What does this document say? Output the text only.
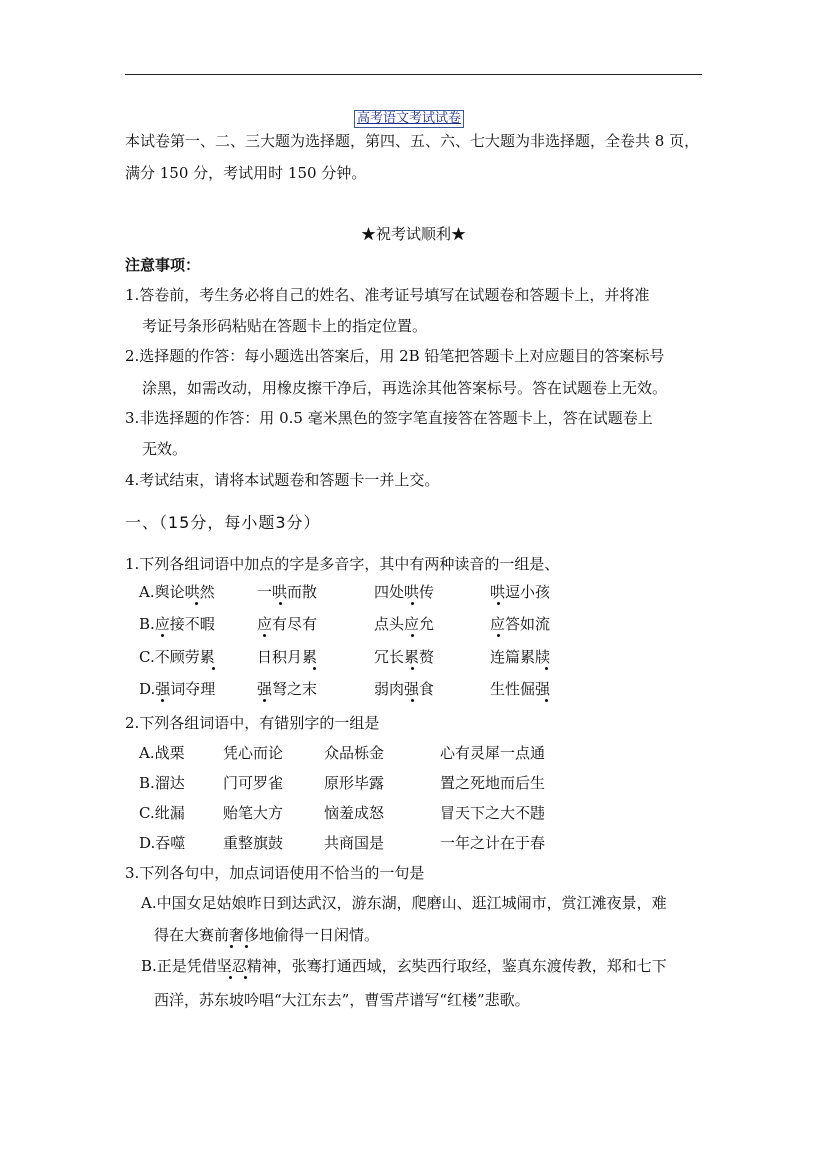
高考语文考试试卷
本试卷第一、二、三大题为选择题，第四、五、六、七大题为非选择题，全卷共 8 页，
满分 150 分，考试用时 150 分钟。
★祝考试顺利★
注意事项：
1.答卷前，考生务必将自己的姓名、准考证号填写在试题卷和答题卡上，并将准
考证号条形码粘贴在答题卡上的指定位置。
2.选择题的作答：每小题选出答案后，用 2B 铅笔把答题卡上对应题目的答案标号
涂黑，如需改动，用橡皮擦干净后，再选涂其他答案标号。答在试题卷上无效。
3.非选择题的作答：用 0.5 毫米黑色的签字笔直接答在答题卡上，答在试题卷上
无效。
4.考试结束，请将本试题卷和答题卡一并上交。
一、（15分，每小题3分）
1.下列各组词语中加点的字是多音字，其中有两种读音的一组是、
A.舆论哄然	一哄而散	四处哄传	哄逗小孩
B.应接不暇	应有尽有	点头应允	应答如流
C.不顾劳累	日积月累	冗长累赘	连篇累牍
D.强词夺理	强弩之末	弱肉强食	生性倔强
2.下列各组词语中，有错别字的一组是
A.战栗	凭心而论	众品栎金	心有灵犀一点通
B.溜达	门可罗雀	原形毕露	置之死地而后生
C.纰漏	贻笔大方	恼羞成怒	冒天下之大不韪
D.吞噬	重整旗鼓	共商国是	一年之计在于春
3.下列各句中，加点词语使用不恰当的一句是
A.中国女足姑娘昨日到达武汉，游东湖，爬磨山、逛江城闹市，赏江滩夜景，难
得在大赛前奢侈地偷得一日闲情。
B.正是凭借坚忍精神，张骞打通西域，玄奘西行取经，鉴真东渡传教，郑和七下
西洋，苏东坡吟唱“大江东去”，曹雪芹谱写“红楼”悲歌。
